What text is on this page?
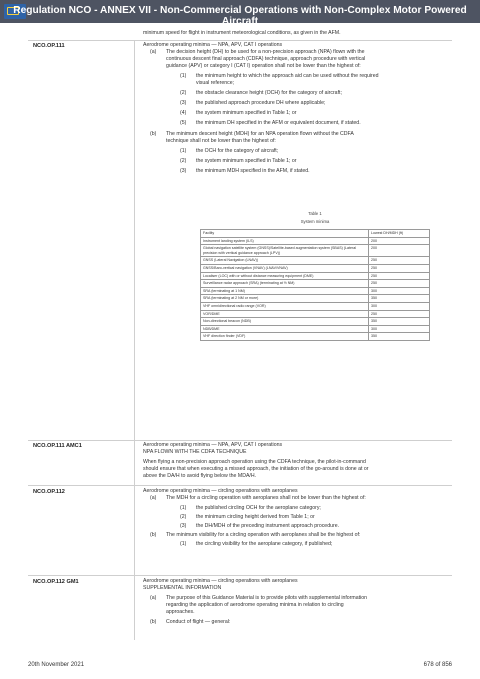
Regulation NCO - ANNEX VII - Non-Commercial Operations with Non-Complex Motor Powered Aircraft
minimum speed for flight in instrument meteorological conditions, as given in the AFM.
NCO.OP.111	Aerodrome operating minima — NPA, APV, CAT I operations
(a) The decision height (DH) to be used for a non-precision approach (NPA) flown with the
continuous descent final approach (CDFA) technique, approach procedure with vertical
guidance (APV) or category I (CAT I) operation shall not be lower than the highest of:
(1) the minimum height to which the approach aid can be used without the required
visual reference;
(2) the obstacle clearance height (OCH) for the category of aircraft;
(3) the published approach procedure DH where applicable;
(4) the system minimum specified in Table 1; or
(5) the minimum DH specified in the AFM or equivalent document, if stated.
(b) The minimum descent height (MDH) for an NPA operation flown without the CDFA
technique shall not be lower than the highest of:
(1) the OCH for the category of aircraft;
(2) the system minimum specified in Table 1; or
(3) the minimum MDH specified in the AFM, if stated.
Table 1
System minima
Facility	Lowest DH/MDH (ft)
Instrument landing system (ILS)	200
Global navigation satellite system (GNSS)/Satellite-based augmentation system (SBAS) (Lateral precision with vertical guidance approach (LPV))	200
GNSS (Lateral Navigation (LNAV))	250
GNSS/Baro-vertical navigation (VNAV) (LNAV/VNAV)	250
Localiser (LOC) with or without distance measuring equipment (DME)	250
Surveillance radar approach (SRA) (terminating at ½ NM)	250
SRA (terminating at 1 NM)	300
SRA (terminating at 2 NM or more)	350
VHF omnidirectional radio range (VOR)	300
VOR/DME	250
Non-directional beacon (NDB)	350
NDB/DME	300
VHF direction finder (VDF)	350
NCO.OP.111 AMC1	Aerodrome operating minima — NPA, APV, CAT I operations
NPA FLOWN WITH THE CDFA TECHNIQUE
When flying a non-precision approach operation using the CDFA technique, the pilot-in-command
should ensure that when executing a missed approach, the initiation of the go-around is done at or
above the DA/H to avoid flying below the MDA/H.
NCO.OP.112	Aerodrome operating minima — circling operations with aeroplanes
(a) The MDH for a circling operation with aeroplanes shall not be lower than the highest of:
(1) the published circling OCH for the aeroplane category;
(2) the minimum circling height derived from Table 1; or
(3) the DH/MDH of the preceding instrument approach procedure.
(b) The minimum visibility for a circling operation with aeroplanes shall be the highest of:
(1) the circling visibility for the aeroplane category, if published;
NCO.OP.112 GM1	Aerodrome operating minima — circling operations with aeroplanes
SUPPLEMENTAL INFORMATION
(a) The purpose of this Guidance Material is to provide pilots with supplemental information
regarding the application of aerodrome operating minima in relation to circling
approaches.
(b) Conduct of flight — general:
20th November 2021	678 of 856
